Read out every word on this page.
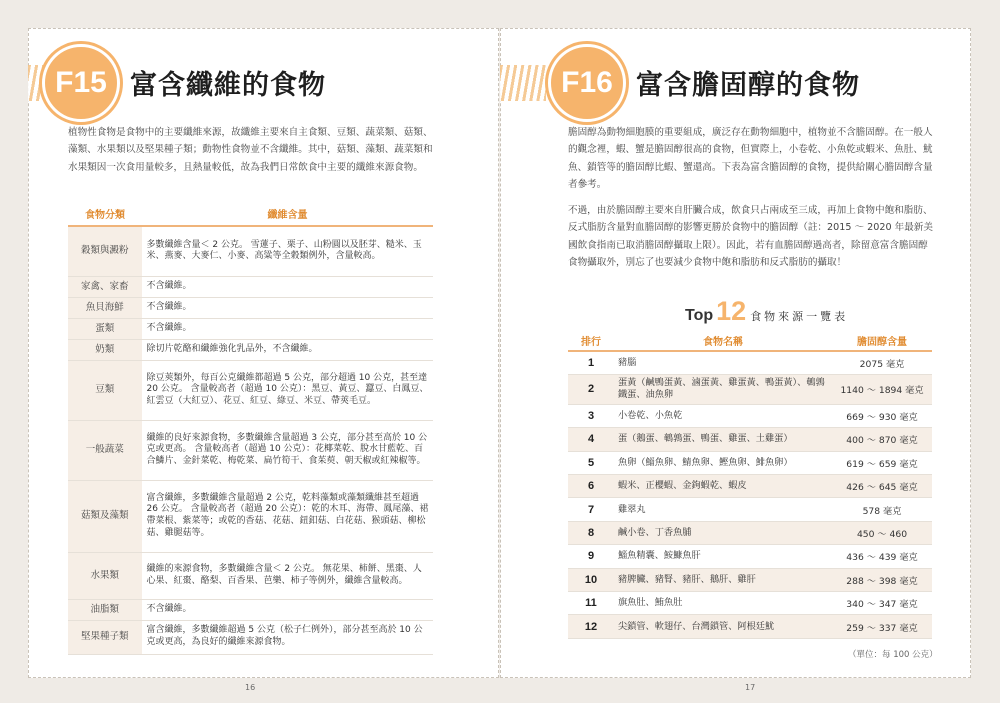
F15 富含纖維的食物
植物性食物是食物中的主要纖維來源，故纖維主要來自主食類、豆類、蔬菜類、菇類、藻類、水果類以及堅果種子類；動物性食物並不含纖維。其中，菇類、藻類、蔬菜類和水果類因一次食用量較多，且熱量較低，故為我們日常飲食中主要的纖維來源食物。
食物分類	纖維含量
穀類與澱粉	多數纖維含量＜ 2 公克。 雪蓮子、栗子、山粉圓以及胚芽、糙米、玉米、燕麥、大麥仁、小麥、高粱等全穀類例外，含量較高。
家禽、家畜	不含纖維。
魚貝海鮮	不含纖維。
蛋類	不含纖維。
奶類	除切片乾酪和纖維強化乳品外，不含纖維。
豆類	除豆莢類外，每百公克纖維都超過 5 公克，部分超過 10 公克，甚至達 20 公克。 含量較高者（超過 10 公克）：黑豆、黃豆、蠶豆、白鳳豆、紅雲豆（大紅豆）、花豆、紅豆、綠豆、米豆、帶莢毛豆。
一般蔬菜	纖維的良好來源食物，多數纖維含量超過 3 公克，部分甚至高於 10 公克或更高。 含量較高者（超過 10 公克）：花椰菜乾、脫水甘藍乾、百合鱗片、金針菜乾、梅乾菜、扁竹筍干、食茱萸、朝天椒或紅辣椒等。
菇類及藻類	富含纖維，多數纖維含量超過 2 公克，乾料藻類或藻類纖維甚至超過 26 公克。 含量較高者（超過 20 公克）：乾的木耳、海帶、鳳尾藻、裙帶菜根、紫菜等；或乾的香菇、花菇、鈕釦菇、白花菇、猴頭菇、柳松菇、雞腿菇等。
水果類	纖維的來源食物，多數纖維含量＜ 2 公克。 無花果、柿餅、黑棗、人心果、紅棗、酪梨、百香果、芭樂、柿子等例外，纖維含量較高。
油脂類	不含纖維。
堅果種子類	富含纖維，多數纖維超過 5 公克（松子仁例外），部分甚至高於 10 公克或更高，為良好的纖維來源食物。
16
F16 富含膽固醇的食物
膽固醇為動物細胞膜的重要組成，廣泛存在動物細胞中，植物並不含膽固醇。在一般人的觀念裡，蝦、蟹是膽固醇很高的食物，但實際上，小卷乾、小魚乾或蝦米、魚肚、魷魚、鎖管等的膽固醇比蝦、蟹還高。下表為富含膽固醇的食物，提供給關心膽固醇含量者參考。
不過，由於膽固醇主要來自肝臟合成，飲食只占兩成至三成，再加上食物中飽和脂肪、反式脂肪含量對血膽固醇的影響更勝於食物中的膽固醇（註：2015 ～ 2020 年最新美國飲食指南已取消膽固醇攝取上限）。因此，若有血膽固醇過高者，除留意富含膽固醇食物攝取外，別忘了也要減少食物中飽和脂肪和反式脂肪的攝取！
Top 12 食物來源一覽表
排行	食物名稱	膽固醇含量
1	豬腦	2075 毫克
2	蛋黃（鹹鴨蛋黃、滷蛋黃、雞蛋黃、鴨蛋黃）、鵪鶉鐵蛋、油魚卵	1140 ～ 1894 毫克
3	小卷乾、小魚乾	669 ～ 930 毫克
4	蛋（鵝蛋、鵪鶉蛋、鴨蛋、雞蛋、土雞蛋）	400 ～ 870 毫克
5	魚卵（鯔魚卵、鯖魚卵、鰹魚卵、鯡魚卵）	619 ～ 659 毫克
6	蝦米、正櫻蝦、金鉤蝦乾、蝦皮	426 ～ 645 毫克
7	雞翠丸	578 毫克
8	鹹小卷、丁香魚脯	450 ～ 460
9	鯔魚精囊、鮟鱇魚肝	436 ～ 439 毫克
10	豬脾臟、豬腎、豬肝、鵝肝、雞肝	288 ～ 398 毫克
11	旗魚肚、鮪魚肚	340 ～ 347 毫克
12	尖鎖管、軟翅仔、台灣鎖管、阿根廷魷	259 ～ 337 毫克
（單位：每 100 公克）
17
